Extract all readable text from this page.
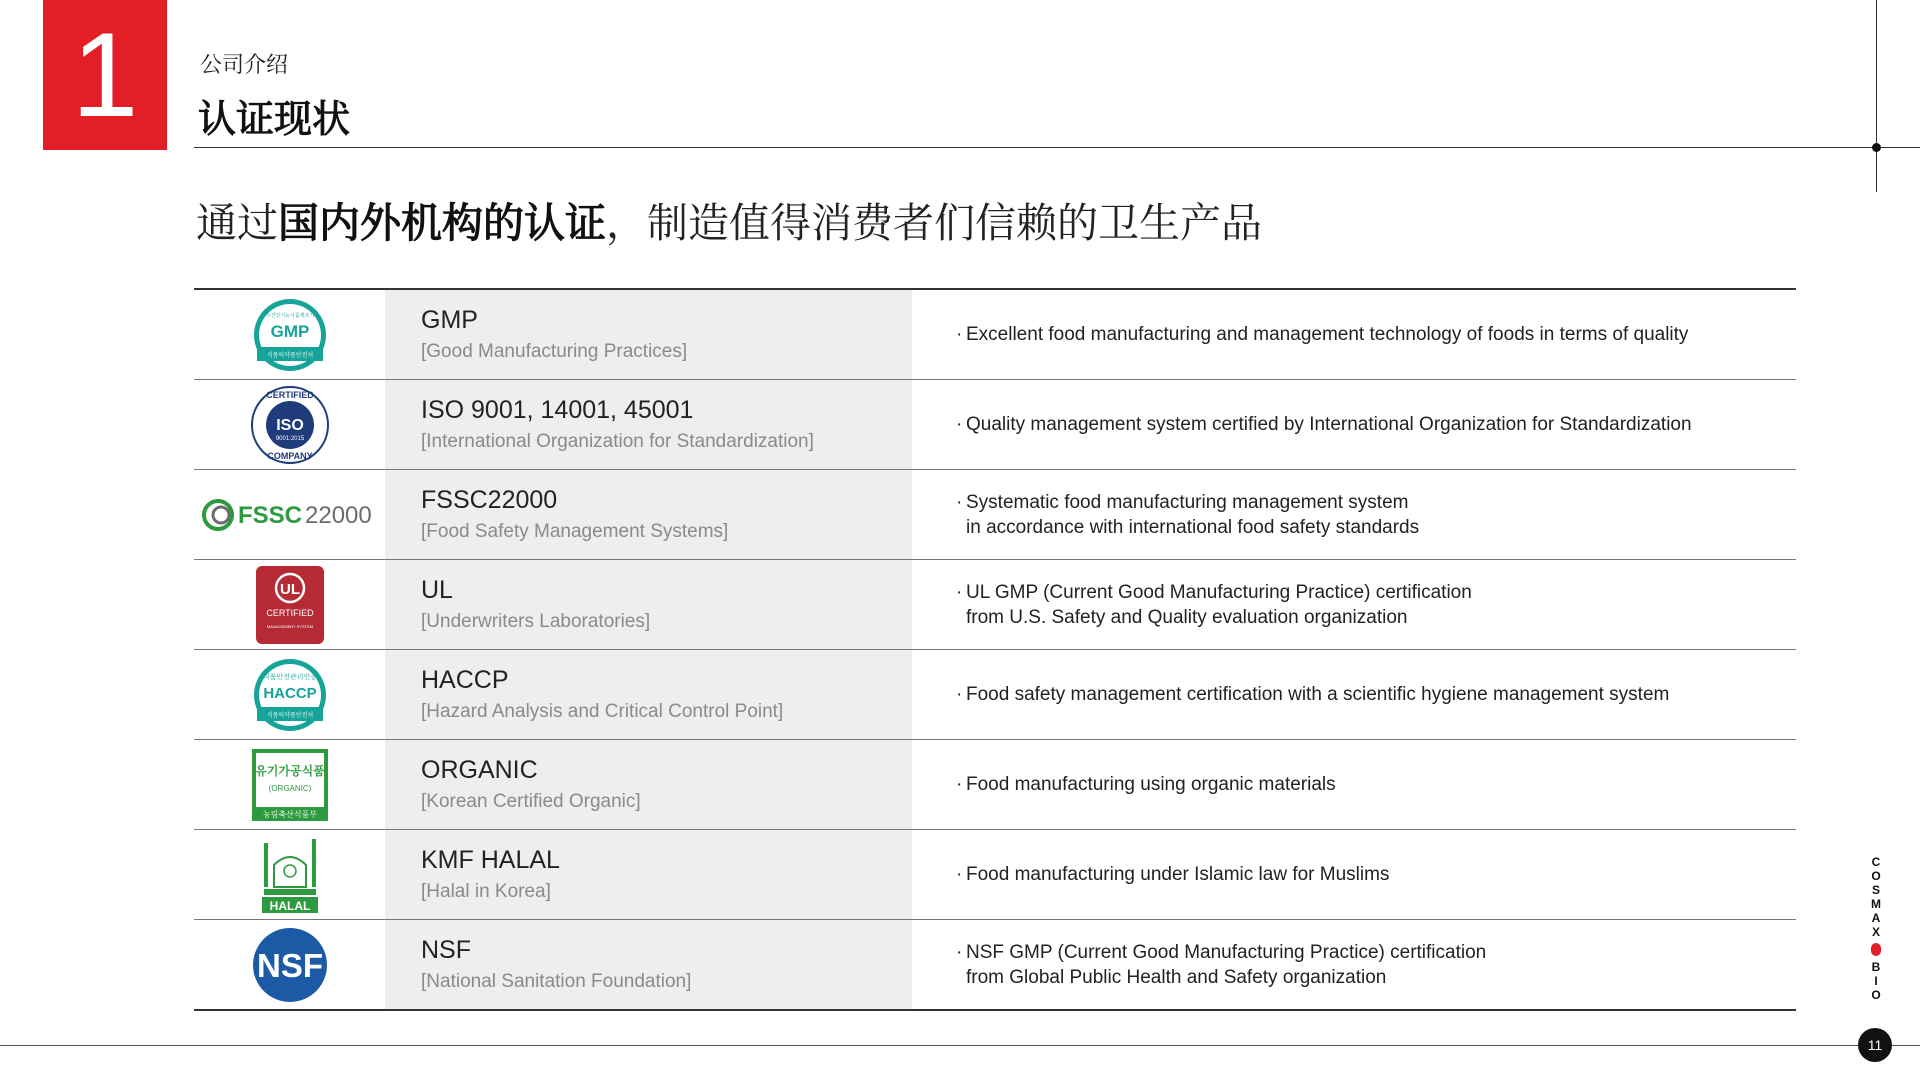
1	公司介绍
认证现状
通过国内外机构的认证，制造值得消费者们信赖的卫生产品
우수건강기능식품제조기준
GMP
식품의약품안전처
GMP
[Good Manufacturing Practices]
· Excellent food manufacturing and management technology of foods in terms of quality
CERTIFIED
ISO
9001:2015
COMPANY
ISO 9001, 14001, 45001
[International Organization for Standardization]
· Quality management system certified by International Organization for Standardization
FSSC 22000
FSSC22000
[Food Safety Management Systems]
· Systematic food manufacturing management system
in accordance with international food safety standards
UL
CERTIFIED
MANAGEMENT SYSTEM
UL
[Underwriters Laboratories]
· UL GMP (Current Good Manufacturing Practice) certification
from U.S. Safety and Quality evaluation organization
식품안전관리인증
HACCP
식품의약품안전처
HACCP
[Hazard Analysis and Critical Control Point]
· Food safety management certification with a scientific hygiene management system
유기가공식품
(ORGANIC)
농림축산식품부
ORGANIC
[Korean Certified Organic]
· Food manufacturing using organic materials
HALAL
KMF HALAL
[Halal in Korea]
· Food manufacturing under Islamic law for Muslims
NSF	NSF
[National Sanitation Foundation]
· NSF GMP (Current Good Manufacturing Practice) certification
from Global Public Health and Safety organization
C
O
S
M
A
X
B
I
O
11
